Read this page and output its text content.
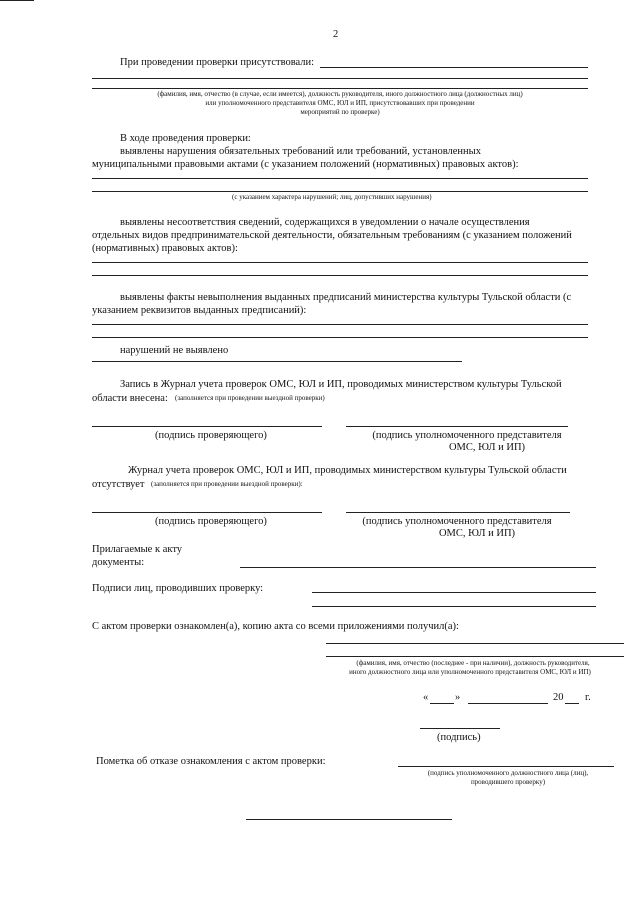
2
При проведении проверки присутствовали:
(фамилия, имя, отчество (в случае, если имеется), должность руководителя, иного должностного лица (должностных лиц)
или уполномоченного представителя ОМС, ЮЛ и ИП, присутствовавших при проведении
мероприятий по проверке)
В ходе проведения проверки:
выявлены нарушения обязательных требований или требований, установленных
муниципальными правовыми актами (с указанием положений (нормативных) правовых актов):
(с указанием характера нарушений; лиц, допустивших нарушения)
выявлены несоответствия сведений, содержащихся в уведомлении о начале осуществления
отдельных видов предпринимательской деятельности, обязательным требованиям (с указанием положений
(нормативных) правовых актов):
выявлены факты невыполнения выданных предписаний министерства культуры Тульской области (с
указанием реквизитов выданных предписаний):
нарушений не выявлено
Запись в Журнал учета проверок ОМС, ЮЛ и ИП, проводимых министерством культуры Тульской
области внесена: (заполняется при проведении выездной проверки)
(подпись проверяющего)	(подпись уполномоченного представителя
ОМС, ЮЛ и ИП)
Журнал учета проверок ОМС, ЮЛ и ИП, проводимых министерством культуры Тульской области
отсутствует (заполняется при проведении выездной проверки):
(подпись проверяющего)	(подпись уполномоченного представителя
ОМС, ЮЛ и ИП)
Прилагаемые к акту
документы:
Подписи лиц, проводивших проверку:
С актом проверки ознакомлен(а), копию акта со всеми приложениями получил(а):
(фамилия, имя, отчество (последнее - при наличии), должность руководителя,
иного должностного лица или уполномоченного представителя ОМС, ЮЛ и ИП)
«	»	20 г.
(подпись)
Пометка об отказе ознакомления с актом проверки:
(подпись уполномоченного должностного лица (лиц),
проводившего проверку)
